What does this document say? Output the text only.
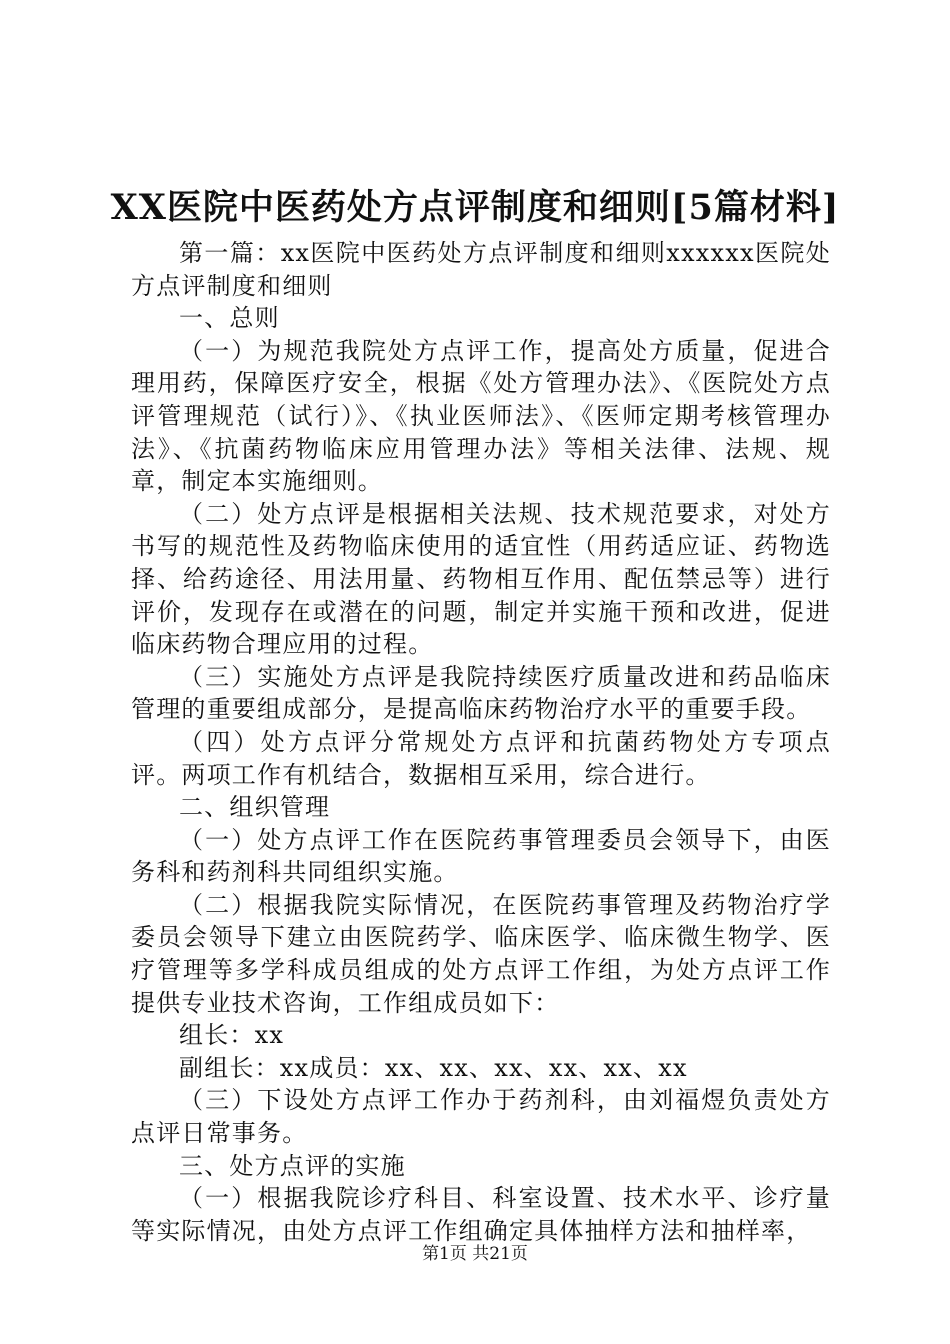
XX医院中医药处方点评制度和细则[5篇材料]

第一篇：xx医院中医药处方点评制度和细则xxxxxx医院处方点评制度和细则

一、总则

（一）为规范我院处方点评工作，提高处方质量，促进合理用药，保障医疗安全，根据《处方管理办法》、《医院处方点评管理规范（试行）》、《执业医师法》、《医师定期考核管理办法》、《抗菌药物临床应用管理办法》等相关法律、法规、规章，制定本实施细则。

（二）处方点评是根据相关法规、技术规范要求，对处方书写的规范性及药物临床使用的适宜性（用药适应证、药物选择、给药途径、用法用量、药物相互作用、配伍禁忌等）进行评价，发现存在或潜在的问题，制定并实施干预和改进，促进临床药物合理应用的过程。

（三）实施处方点评是我院持续医疗质量改进和药品临床管理的重要组成部分，是提高临床药物治疗水平的重要手段。

（四）处方点评分常规处方点评和抗菌药物处方专项点评。两项工作有机结合，数据相互采用，综合进行。

二、组织管理

（一）处方点评工作在医院药事管理委员会领导下，由医务科和药剂科共同组织实施。

（二）根据我院实际情况，在医院药事管理及药物治疗学委员会领导下建立由医院药学、临床医学、临床微生物学、医疗管理等多学科成员组成的处方点评工作组，为处方点评工作提供专业技术咨询，工作组成员如下：

组长：xx

副组长：xx成员：xx、xx、xx、xx、xx、xx

（三）下设处方点评工作办于药剂科，由刘福煜负责处方点评日常事务。

三、处方点评的实施

（一）根据我院诊疗科目、科室设置、技术水平、诊疗量等实际情况，由处方点评工作组确定具体抽样方法和抽样率，

第1页 共21页
